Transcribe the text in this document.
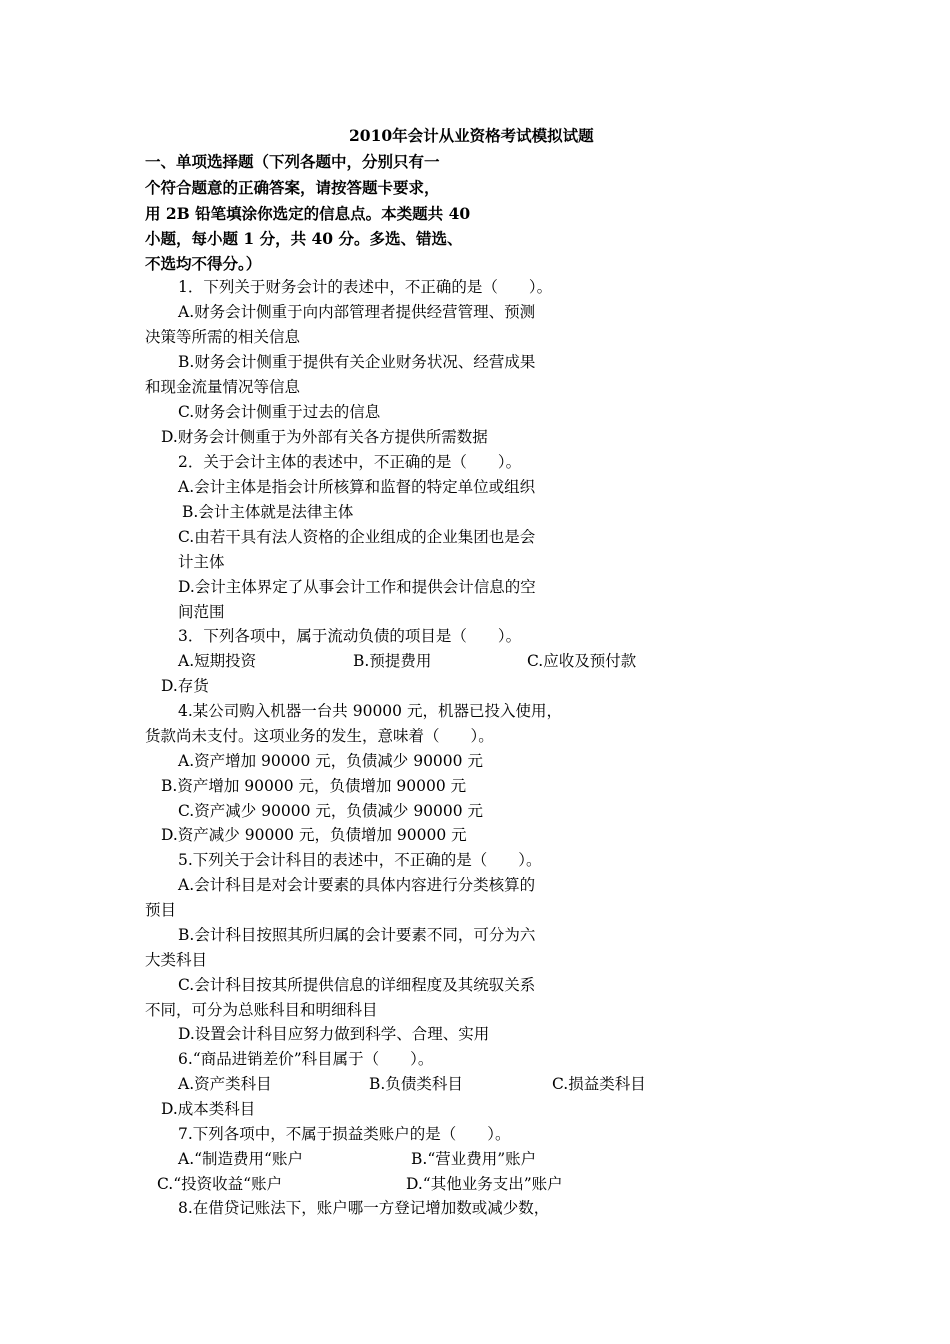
2010年会计从业资格考试模拟试题
一、单项选择题（下列各题中，分别只有一
个符合题意的正确答案，请按答题卡要求，
用 2B 铅笔填涂你选定的信息点。本类题共 40
小题，每小题 1 分，共 40 分。多选、错选、
不选均不得分。）
1．下列关于财务会计的表述中，不正确的是（　　）。
A.财务会计侧重于向内部管理者提供经营管理、预测
决策等所需的相关信息
B.财务会计侧重于提供有关企业财务状况、经营成果
和现金流量情况等信息
C.财务会计侧重于过去的信息
D.财务会计侧重于为外部有关各方提供所需数据
2．关于会计主体的表述中，不正确的是（　　）。
A.会计主体是指会计所核算和监督的特定单位或组织
B.会计主体就是法律主体
C.由若干具有法人资格的企业组成的企业集团也是会
计主体
D.会计主体界定了从事会计工作和提供会计信息的空
间范围
3．下列各项中，属于流动负债的项目是（　　）。
A.短期投资	B.预提费用	C.应收及预付款
D.存货
4.某公司购入机器一台共 90000 元，机器已投入使用，
货款尚未支付。这项业务的发生，意味着（　　）。
A.资产增加 90000 元，负债减少 90000 元
B.资产增加 90000 元，负债增加 90000 元
C.资产减少 90000 元，负债减少 90000 元
D.资产减少 90000 元，负债增加 90000 元
5.下列关于会计科目的表述中，不正确的是（　　）。
A.会计科目是对会计要素的具体内容进行分类核算的
预目
B.会计科目按照其所归属的会计要素不同，可分为六
大类科目
C.会计科目按其所提供信息的详细程度及其统驭关系
不同，可分为总账科目和明细科目
D.设置会计科目应努力做到科学、合理、实用
6.“商品进销差价”科目属于（　　）。
A.资产类科目	B.负债类科目	C.损益类科目
D.成本类科目
7.下列各项中，不属于损益类账户的是（　　）。
A.“制造费用“账户	B.“营业费用”账户
C.“投资收益“账户	D.“其他业务支出”账户
8.在借贷记账法下，账户哪一方登记增加数或减少数，
